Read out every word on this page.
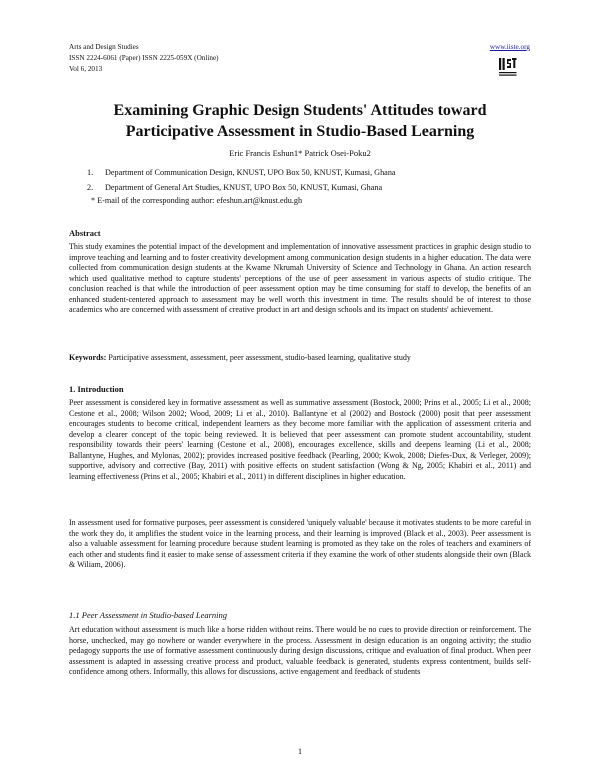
Arts and Design Studies
ISSN 2224-6061 (Paper) ISSN 2225-059X (Online)
Vol 6, 2013
www.iiste.org
Examining Graphic Design Students' Attitudes toward Participative Assessment in Studio-Based Learning
Eric Francis Eshun1* Patrick Osei-Poku2
1. Department of Communication Design, KNUST, UPO Box 50, KNUST, Kumasi, Ghana
2. Department of General Art Studies, KNUST, UPO Box 50, KNUST, Kumasi, Ghana
* E-mail of the corresponding author: efeshun.art@knust.edu.gh
Abstract
This study examines the potential impact of the development and implementation of innovative assessment practices in graphic design studio to improve teaching and learning and to foster creativity development among communication design students in a higher education. The data were collected from communication design students at the Kwame Nkrumah University of Science and Technology in Ghana. An action research which used qualitative method to capture students' perceptions of the use of peer assessment in various aspects of studio critique. The conclusion reached is that while the introduction of peer assessment option may be time consuming for staff to develop, the benefits of an enhanced student-centered approach to assessment may be well worth this investment in time. The results should be of interest to those academics who are concerned with assessment of creative product in art and design schools and its impact on students' achievement.
Keywords: Participative assessment, assessment, peer assessment, studio-based learning, qualitative study
1. Introduction
Peer assessment is considered key in formative assessment as well as summative assessment (Bostock, 2000; Prins et al., 2005; Li et al., 2008; Cestone et al., 2008; Wilson 2002; Wood, 2009; Li et al., 2010). Ballantyne et al (2002) and Bostock (2000) posit that peer assessment encourages students to become critical, independent learners as they become more familiar with the application of assessment criteria and develop a clearer concept of the topic being reviewed. It is believed that peer assessment can promote student accountability, student responsibility towards their peers' learning (Cestone et al., 2008), encourages excellence, skills and deepens learning (Li et al., 2008; Ballantyne, Hughes, and Mylonas, 2002); provides increased positive feedback (Pearling, 2000; Kwok, 2008; Diefes-Dux, & Verleger, 2009); supportive, advisory and corrective (Bay, 2011) with positive effects on student satisfaction (Wong & Ng, 2005; Khabiri et al., 2011) and learning effectiveness (Prins et al., 2005; Khabiri et al., 2011) in different disciplines in higher education.
In assessment used for formative purposes, peer assessment is considered 'uniquely valuable' because it motivates students to be more careful in the work they do, it amplifies the student voice in the learning process, and their learning is improved (Black et al., 2003). Peer assessment is also a valuable assessment for learning procedure because student learning is promoted as they take on the roles of teachers and examiners of each other and students find it easier to make sense of assessment criteria if they examine the work of other students alongside their own (Black & Wiliam, 2006).
1.1 Peer Assessment in Studio-based Learning
Art education without assessment is much like a horse ridden without reins. There would be no cues to provide direction or reinforcement. The horse, unchecked, may go nowhere or wander everywhere in the process. Assessment in design education is an ongoing activity; the studio pedagogy supports the use of formative assessment continuously during design discussions, critique and evaluation of final product. When peer assessment is adapted in assessing creative process and product, valuable feedback is generated, students express contentment, builds self-confidence among others. Informally, this allows for discussions, active engagement and feedback of students
1
